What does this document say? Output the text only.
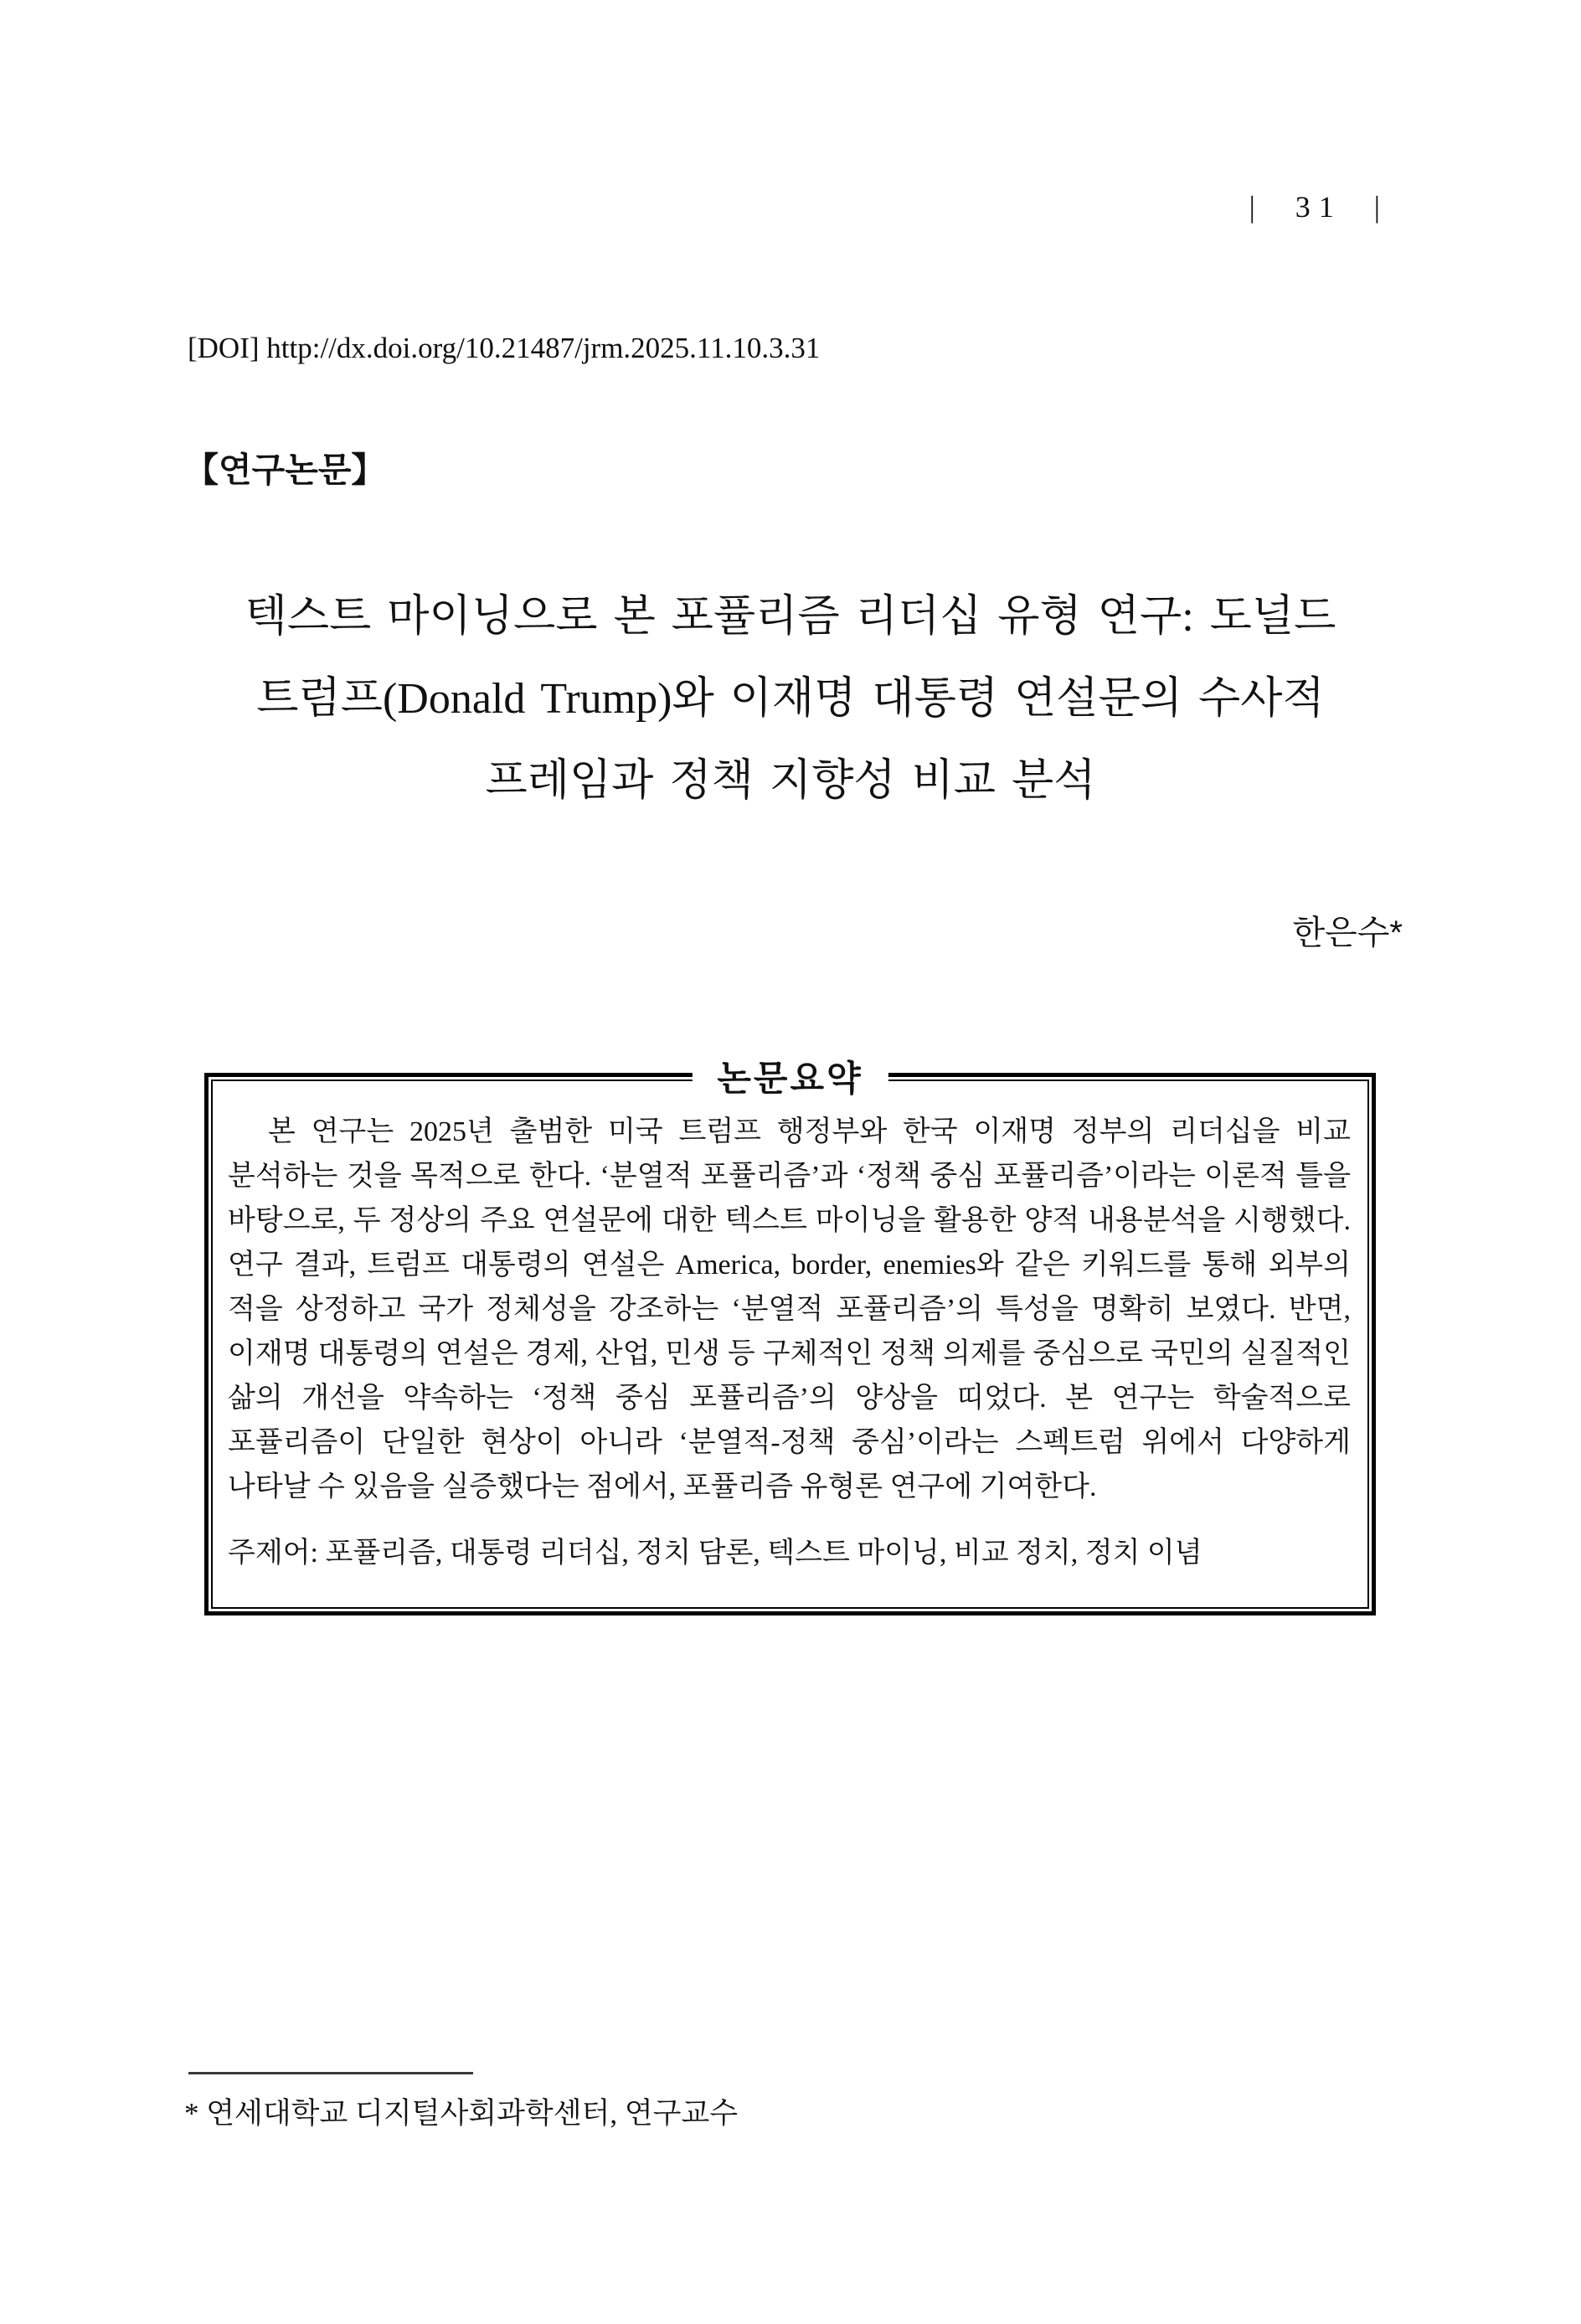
|  31  |
[DOI] http://dx.doi.org/10.21487/jrm.2025.11.10.3.31
【연구논문】
텍스트 마이닝으로 본 포퓰리즘 리더십 유형 연구: 도널드
트럼프(Donald Trump)와 이재명 대통령 연설문의 수사적
프레임과 정책 지향성 비교 분석
한은수*
논문요약

본 연구는 2025년 출범한 미국 트럼프 행정부와 한국 이재명 정부의 리더십을 비교 분석하는 것을 목적으로 한다. ‘분열적 포퓰리즘’과 ‘정책 중심 포퓰리즘’이라는 이론적 틀을 바탕으로, 두 정상의 주요 연설문에 대한 텍스트 마이닝을 활용한 양적 내용분석을 시행했다. 연구 결과, 트럼프 대통령의 연설은 America, border, enemies와 같은 키워드를 통해 외부의 적을 상정하고 국가 정체성을 강조하는 ‘분열적 포퓰리즘’의 특성을 명확히 보였다. 반면, 이재명 대통령의 연설은 경제, 산업, 민생 등 구체적인 정책 의제를 중심으로 국민의 실질적인 삶의 개선을 약속하는 ‘정책 중심 포퓰리즘’의 양상을 띠었다. 본 연구는 학술적으로 포퓰리즘이 단일한 현상이 아니라 ‘분열적-정책 중심’이라는 스펙트럼 위에서 다양하게 나타날 수 있음을 실증했다는 점에서, 포퓰리즘 유형론 연구에 기여한다.

주제어: 포퓰리즘, 대통령 리더십, 정치 담론, 텍스트 마이닝, 비교 정치, 정치 이념

* 연세대학교 디지털사회과학센터, 연구교수
